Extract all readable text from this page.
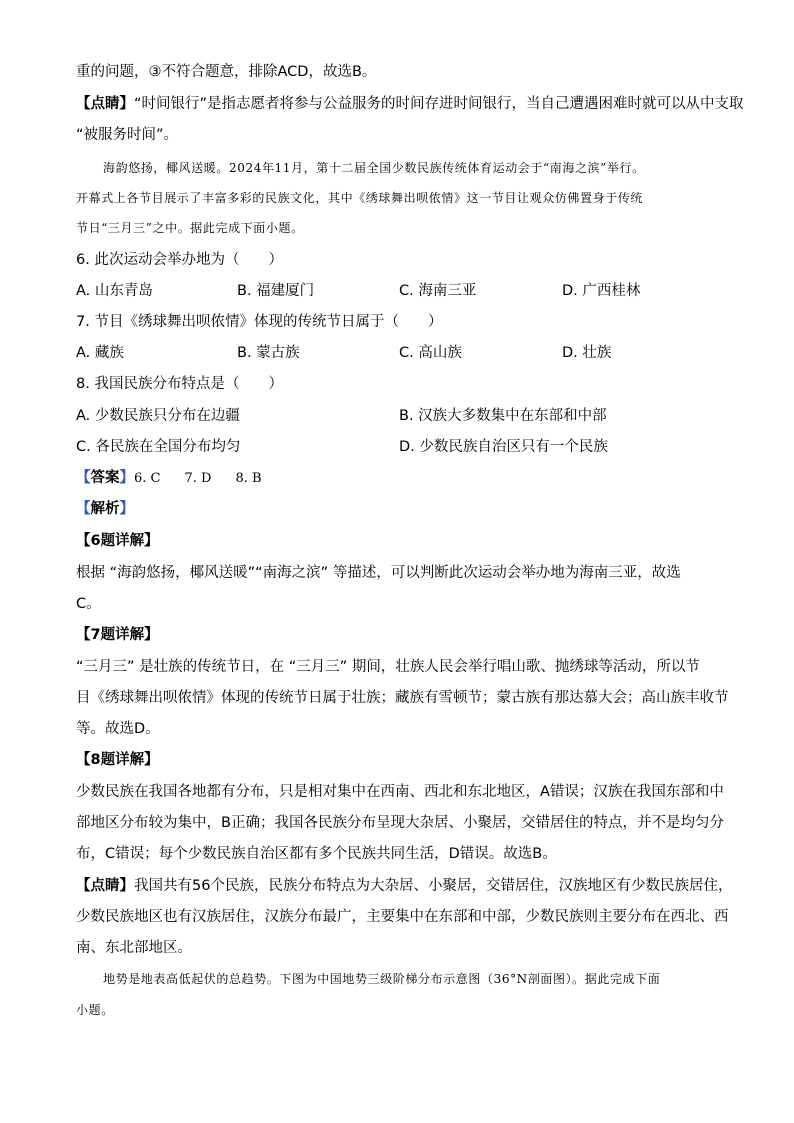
重的问题，③不符合题意，排除ACD，故选B。
【点睛】“时间银行”是指志愿者将参与公益服务的时间存进时间银行，当自己遭遇困难时就可以从中支取
“被服务时间”。
海韵悠扬，椰风送暖。2024年11月，第十二届全国少数民族传统体育运动会于“南海之滨”举行。
开幕式上各节目展示了丰富多彩的民族文化，其中《绣球舞出呗侬情》这一节目让观众仿佛置身于传统
节日“三月三”之中。据此完成下面小题。
6. 此次运动会举办地为（　　）
A. 山东青岛	B. 福建厦门	C. 海南三亚	D. 广西桂林
7. 节目《绣球舞出呗侬情》体现的传统节日属于（　　）
A. 藏族	B. 蒙古族	C. 高山族	D. 壮族
8. 我国民族分布特点是（　　）
A. 少数民族只分布在边疆	B. 汉族大多数集中在东部和中部
C. 各民族在全国分布均匀	D. 少数民族自治区只有一个民族
【答案】6. C 7. D 8. B
【解析】
【6题详解】
根据 “海韵悠扬，椰风送暖”“南海之滨” 等描述，可以判断此次运动会举办地为海南三亚，故选
C。
【7题详解】
“三月三” 是壮族的传统节日，在 “三月三” 期间，壮族人民会举行唱山歌、抛绣球等活动，所以节
目《绣球舞出呗侬情》体现的传统节日属于壮族；藏族有雪顿节；蒙古族有那达慕大会；高山族丰收节
等。故选D。
【8题详解】
少数民族在我国各地都有分布，只是相对集中在西南、西北和东北地区，A错误；汉族在我国东部和中
部地区分布较为集中，B正确；我国各民族分布呈现大杂居、小聚居，交错居住的特点，并不是均匀分
布，C错误；每个少数民族自治区都有多个民族共同生活，D错误。故选B。
【点睛】我国共有56个民族，民族分布特点为大杂居、小聚居，交错居住，汉族地区有少数民族居住，
少数民族地区也有汉族居住，汉族分布最广，主要集中在东部和中部，少数民族则主要分布在西北、西
南、东北部地区。
地势是地表高低起伏的总趋势。下图为中国地势三级阶梯分布示意图（36°N剖面图）。据此完成下面
小题。
